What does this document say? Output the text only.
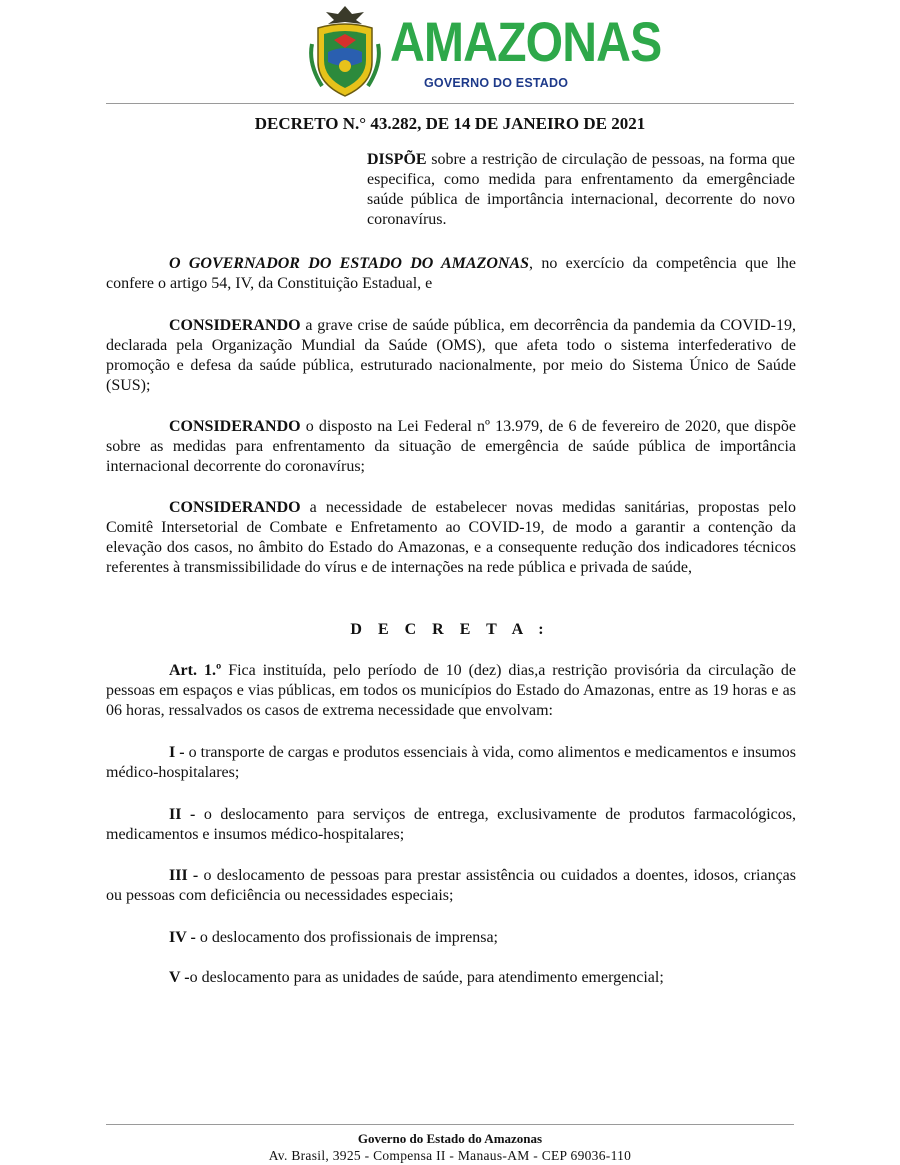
AMAZONAS
GOVERNO DO ESTADO
DECRETO N.° 43.282, DE 14 DE JANEIRO DE 2021
DISPÕE sobre a restrição de circulação de pessoas, na forma que especifica, como medida para enfrentamento da emergênciade saúde pública de importância internacional, decorrente do novo coronavírus.
O GOVERNADOR DO ESTADO DO AMAZONAS, no exercício da competência que lhe confere o artigo 54, IV, da Constituição Estadual, e
CONSIDERANDO a grave crise de saúde pública, em decorrência da pandemia da COVID-19, declarada pela Organização Mundial da Saúde (OMS), que afeta todo o sistema interfederativo de promoção e defesa da saúde pública, estruturado nacionalmente, por meio do Sistema Único de Saúde (SUS);
CONSIDERANDO o disposto na Lei Federal nº 13.979, de 6 de fevereiro de 2020, que dispõe sobre as medidas para enfrentamento da situação de emergência de saúde pública de importância internacional decorrente do coronavírus;
CONSIDERANDO a necessidade de estabelecer novas medidas sanitárias, propostas pelo Comitê Intersetorial de Combate e Enfretamento ao COVID-19, de modo a garantir a contenção da elevação dos casos, no âmbito do Estado do Amazonas, e a consequente redução dos indicadores técnicos referentes à transmissibilidade do vírus e de internações na rede pública e privada de saúde,
D E C R E T A :
Art. 1.º Fica instituída, pelo período de 10 (dez) dias,a restrição provisória da circulação de pessoas em espaços e vias públicas, em todos os municípios do Estado do Amazonas, entre as 19 horas e as 06 horas, ressalvados os casos de extrema necessidade que envolvam:
I - o transporte de cargas e produtos essenciais à vida, como alimentos e medicamentos e insumos médico-hospitalares;
II - o deslocamento para serviços de entrega, exclusivamente de produtos farmacológicos, medicamentos e insumos médico-hospitalares;
III - o deslocamento de pessoas para prestar assistência ou cuidados a doentes, idosos, crianças ou pessoas com deficiência ou necessidades especiais;
IV - o deslocamento dos profissionais de imprensa;
V -o deslocamento para as unidades de saúde, para atendimento emergencial;
Governo do Estado do Amazonas
Av. Brasil, 3925 - Compensa II - Manaus-AM - CEP 69036-110
